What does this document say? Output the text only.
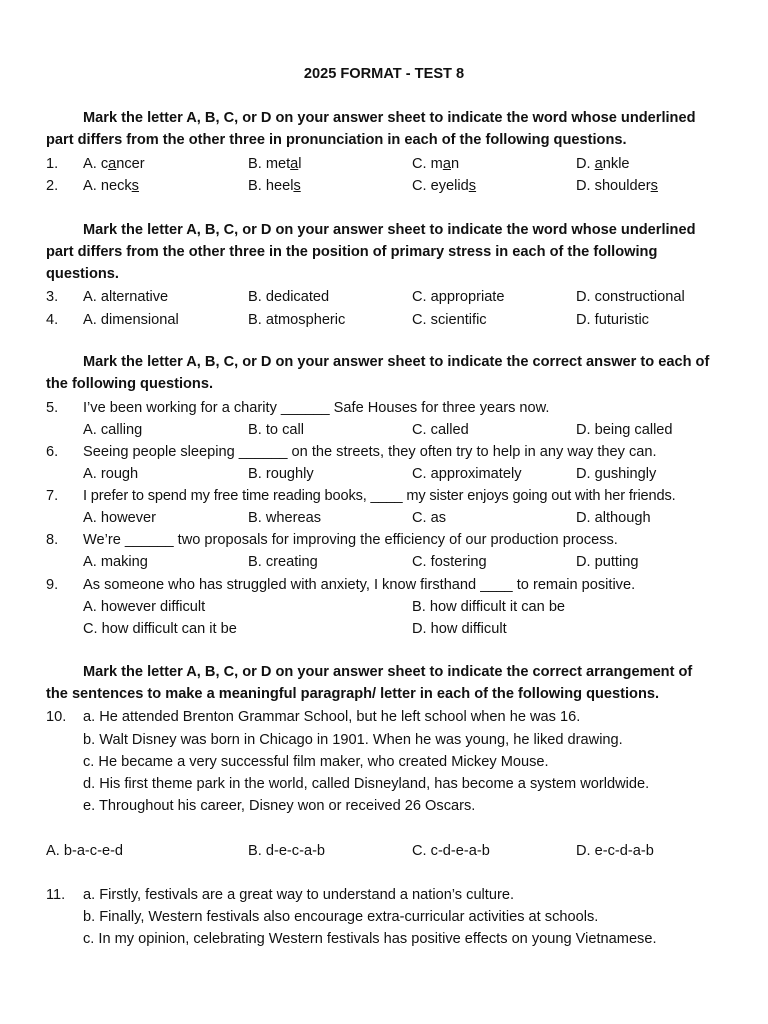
2025 FORMAT - TEST 8
Mark the letter A, B, C, or D on your answer sheet to indicate the word whose underlined part differs from the other three in pronunciation in each of the following questions.
1. A. cancer	B. metal	C. man	D. ankle
2. A. necks	B. heels	C. eyelids	D. shoulders
Mark the letter A, B, C, or D on your answer sheet to indicate the word whose underlined part differs from the other three in the position of primary stress in each of the following questions.
3. A. alternative	B. dedicated	C. appropriate	D. constructional
4. A. dimensional	B. atmospheric	C. scientific	D. futuristic
Mark the letter A, B, C, or D on your answer sheet to indicate the correct answer to each of the following questions.
5. I’ve been working for a charity ______ Safe Houses for three years now.
A. calling	B. to call	C. called	D. being called
6. Seeing people sleeping ______ on the streets, they often try to help in any way they can.
A. rough	B. roughly	C. approximately	D. gushingly
7. I prefer to spend my free time reading books, ____ my sister enjoys going out with her friends.
A. however	B. whereas	C. as	D. although
8. We’re ______ two proposals for improving the efficiency of our production process.
A. making	B. creating	C. fostering	D. putting
9. As someone who has struggled with anxiety, I know firsthand ____ to remain positive.
A. however difficult	B. how difficult it can be
C. how difficult can it be	D. how difficult
Mark the letter A, B, C, or D on your answer sheet to indicate the correct arrangement of the sentences to make a meaningful paragraph/ letter in each of the following questions.
10. a. He attended Brenton Grammar School, but he left school when he was 16.
b. Walt Disney was born in Chicago in 1901. When he was young, he liked drawing.
c. He became a very successful film maker, who created Mickey Mouse.
d. His first theme park in the world, called Disneyland, has become a system worldwide.
e. Throughout his career, Disney won or received 26 Oscars.
A. b-a-c-e-d	B. d-e-c-a-b	C. c-d-e-a-b	D. e-c-d-a-b
11. a. Firstly, festivals are a great way to understand a nation’s culture.
b. Finally, Western festivals also encourage extra-curricular activities at schools.
c. In my opinion, celebrating Western festivals has positive effects on young Vietnamese.
